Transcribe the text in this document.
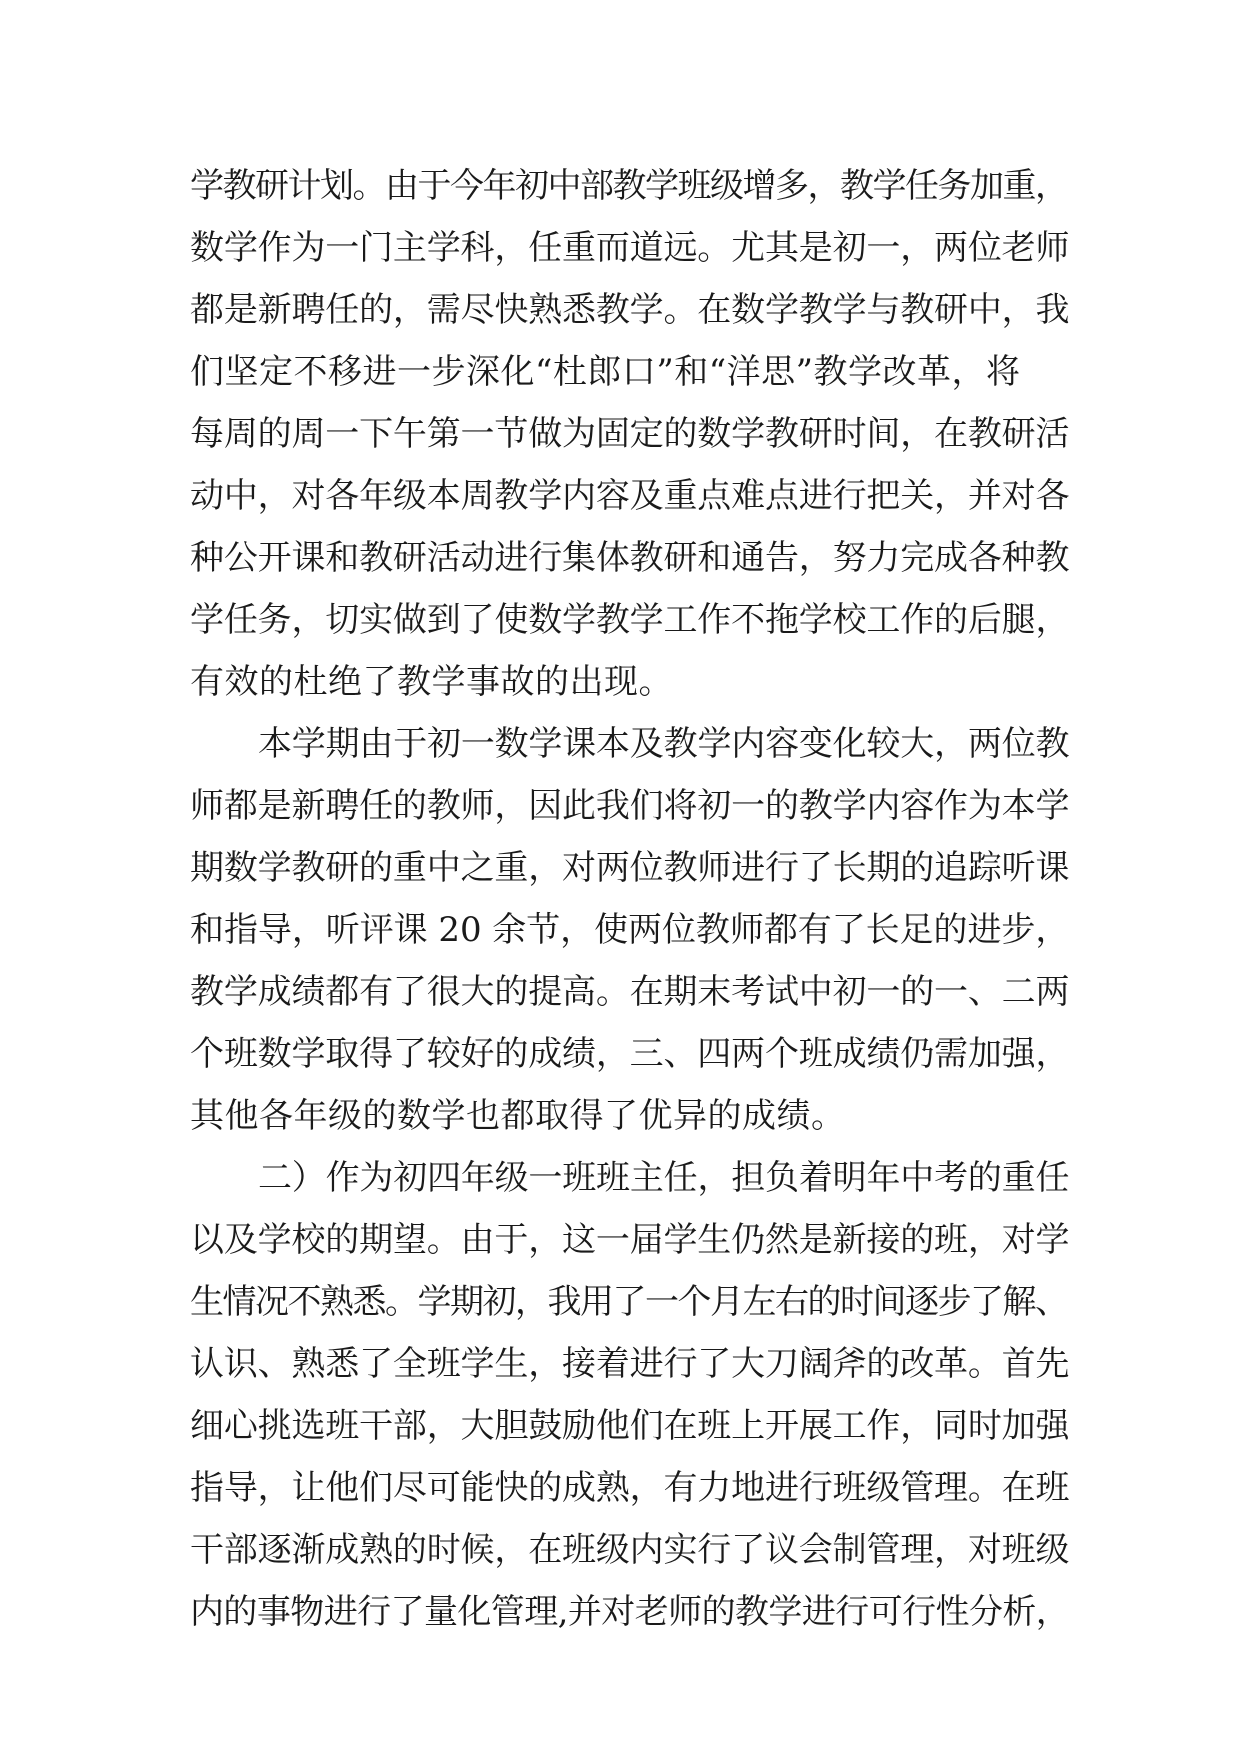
学教研计划。由于今年初中部教学班级增多，教学任务加重，
数学作为一门主学科，任重而道远。尤其是初一，两位老师
都是新聘任的，需尽快熟悉教学。在数学教学与教研中，我
们坚定不移进一步深化“杜郎口”和“洋思”教学改革，将
每周的周一下午第一节做为固定的数学教研时间，在教研活
动中，对各年级本周教学内容及重点难点进行把关，并对各
种公开课和教研活动进行集体教研和通告，努力完成各种教
学任务，切实做到了使数学教学工作不拖学校工作的后腿，
有效的杜绝了教学事故的出现。
本学期由于初一数学课本及教学内容变化较大，两位教
师都是新聘任的教师，因此我们将初一的教学内容作为本学
期数学教研的重中之重，对两位教师进行了长期的追踪听课
和指导，听评课 20 余节，使两位教师都有了长足的进步，
教学成绩都有了很大的提高。在期末考试中初一的一、二两
个班数学取得了较好的成绩，三、四两个班成绩仍需加强，
其他各年级的数学也都取得了优异的成绩。
二）作为初四年级一班班主任，担负着明年中考的重任
以及学校的期望。由于，这一届学生仍然是新接的班，对学
生情况不熟悉。学期初，我用了一个月左右的时间逐步了解、
认识、熟悉了全班学生，接着进行了大刀阔斧的改革。首先
细心挑选班干部，大胆鼓励他们在班上开展工作，同时加强
指导，让他们尽可能快的成熟，有力地进行班级管理。在班
干部逐渐成熟的时候，在班级内实行了议会制管理，对班级
内的事物进行了量化管理,并对老师的教学进行可行性分析，
